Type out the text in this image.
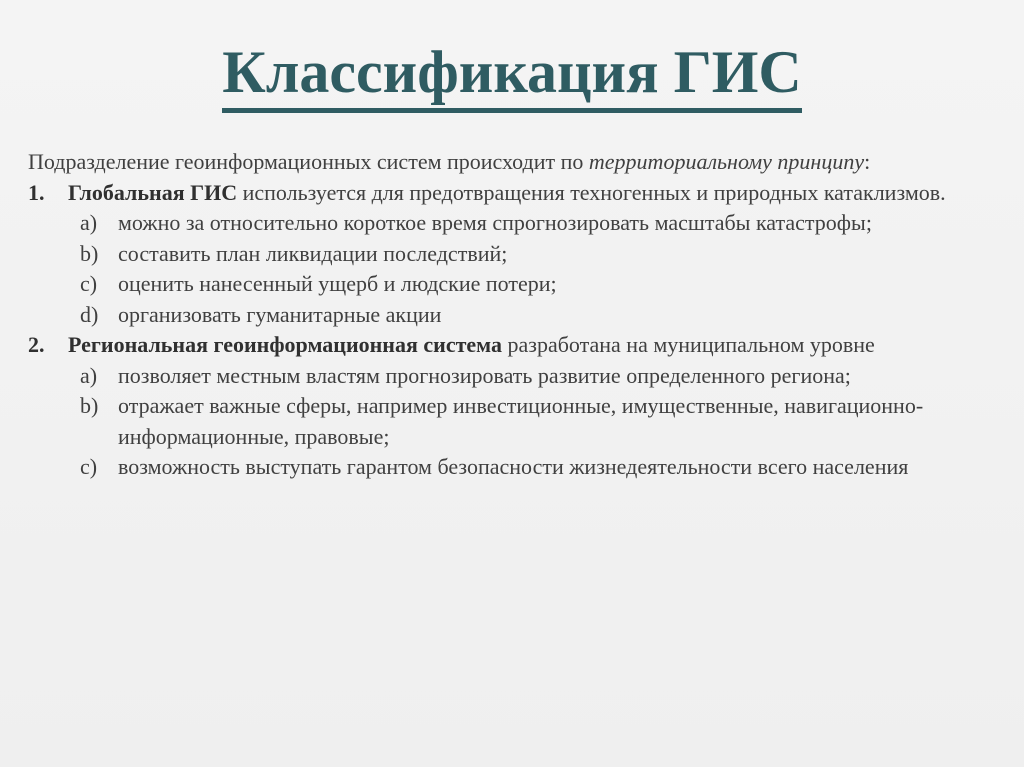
Классификация ГИС

Подразделение геоинформационных систем происходит по территориальному принципу:

1. Глобальная ГИС используется для предотвращения техногенных и природных катаклизмов.
a) можно за относительно короткое время спрогнозировать масштабы катастрофы;
b) составить план ликвидации последствий;
c) оценить нанесенный ущерб и людские потери;
d) организовать гуманитарные акции
2. Региональная геоинформационная система разработана на муниципальном уровне
a) позволяет местным властям прогнозировать развитие определенного региона;
b) отражает важные сферы, например инвестиционные, имущественные, навигационно-информационные, правовые;
c) возможность выступать гарантом безопасности жизнедеятельности всего населения
